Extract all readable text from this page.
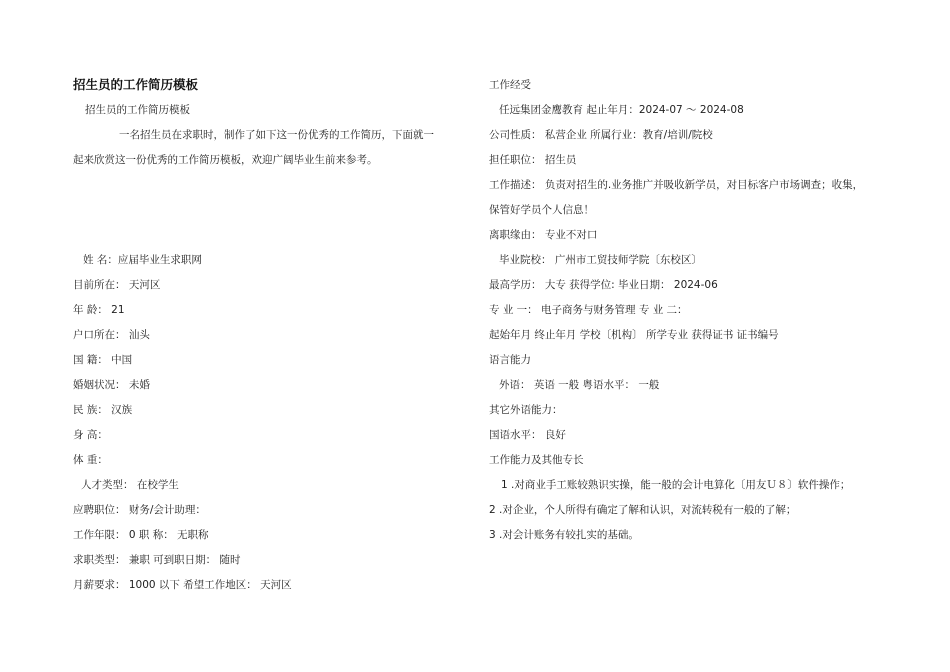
招生员的工作简历模板
招生员的工作简历模板
一名招生员在求职时，制作了如下这一份优秀的工作简历，下面就一
起来欣赏这一份优秀的工作简历模板，欢迎广阔毕业生前来参考。
姓 名：应届毕业生求职网
目前所在： 天河区
年 龄： 21
户口所在： 汕头
国 籍： 中国
婚姻状况： 未婚
民 族： 汉族
身 高：
体 重：
人才类型： 在校学生
应聘职位： 财务/会计助理：
工作年限： 0 职 称： 无职称
求职类型： 兼职 可到职日期： 随时
月薪要求： 1000 以下 希望工作地区： 天河区
工作经受
任远集团金鹰教育 起止年月：2024-07 ～ 2024-08
公司性质： 私营企业 所属行业：教育/培训/院校
担任职位： 招生员
工作描述： 负责对招生的.业务推广并吸收新学员，对目标客户市场调查；收集，
保管好学员个人信息！
离职缘由： 专业不对口
毕业院校： 广州市工贸技师学院〔东校区〕
最高学历： 大专 获得学位: 毕业日期： 2024-06
专 业 一： 电子商务与财务管理 专 业 二：
起始年月 终止年月 学校〔机构〕 所学专业 获得证书 证书编号
语言能力
外语： 英语 一般 粤语水平： 一般
其它外语能力：
国语水平： 良好
工作能力及其他专长
1 .对商业手工账较熟识实操，能一般的会计电算化〔用友Ｕ８〕软件操作；
2 .对企业，个人所得有确定了解和认识，对流转税有一般的了解；
3 .对会计账务有较扎实的基础。
